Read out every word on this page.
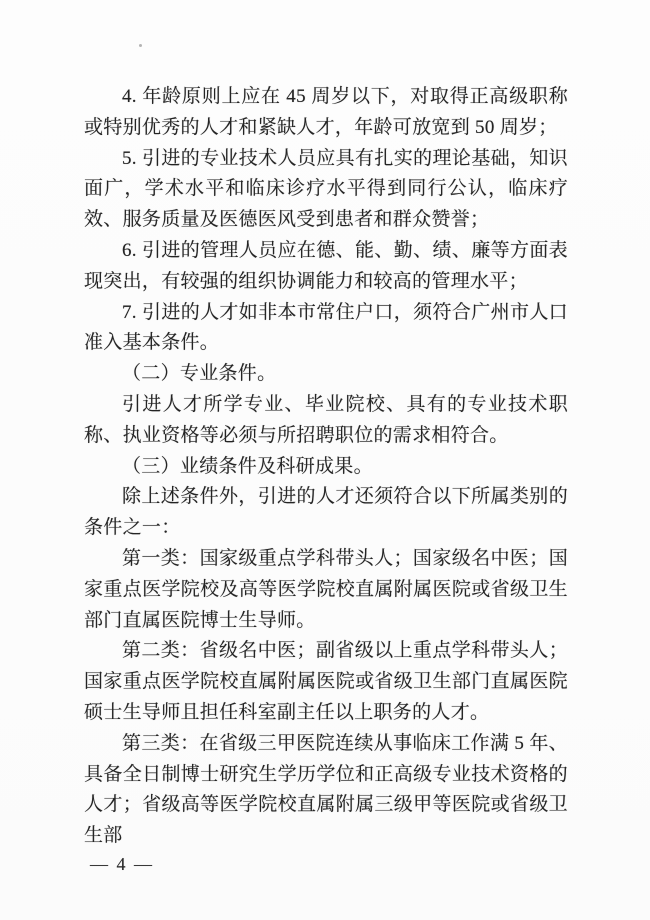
4. 年龄原则上应在 45 周岁以下，对取得正高级职称或特别优秀的人才和紧缺人才，年龄可放宽到 50 周岁；

5. 引进的专业技术人员应具有扎实的理论基础，知识面广，学术水平和临床诊疗水平得到同行公认，临床疗效、服务质量及医德医风受到患者和群众赞誉；

6. 引进的管理人员应在德、能、勤、绩、廉等方面表现突出，有较强的组织协调能力和较高的管理水平；

7. 引进的人才如非本市常住户口，须符合广州市人口准入基本条件。

（二）专业条件。

引进人才所学专业、毕业院校、具有的专业技术职称、执业资格等必须与所招聘职位的需求相符合。

（三）业绩条件及科研成果。

除上述条件外，引进的人才还须符合以下所属类别的条件之一：

第一类：国家级重点学科带头人；国家级名中医；国家重点医学院校及高等医学院校直属附属医院或省级卫生部门直属医院博士生导师。

第二类：省级名中医；副省级以上重点学科带头人；国家重点医学院校直属附属医院或省级卫生部门直属医院硕士生导师且担任科室副主任以上职务的人才。

第三类：在省级三甲医院连续从事临床工作满 5 年、具备全日制博士研究生学历学位和正高级专业技术资格的人才；省级高等医学院校直属附属三级甲等医院或省级卫生部

— 4 —
